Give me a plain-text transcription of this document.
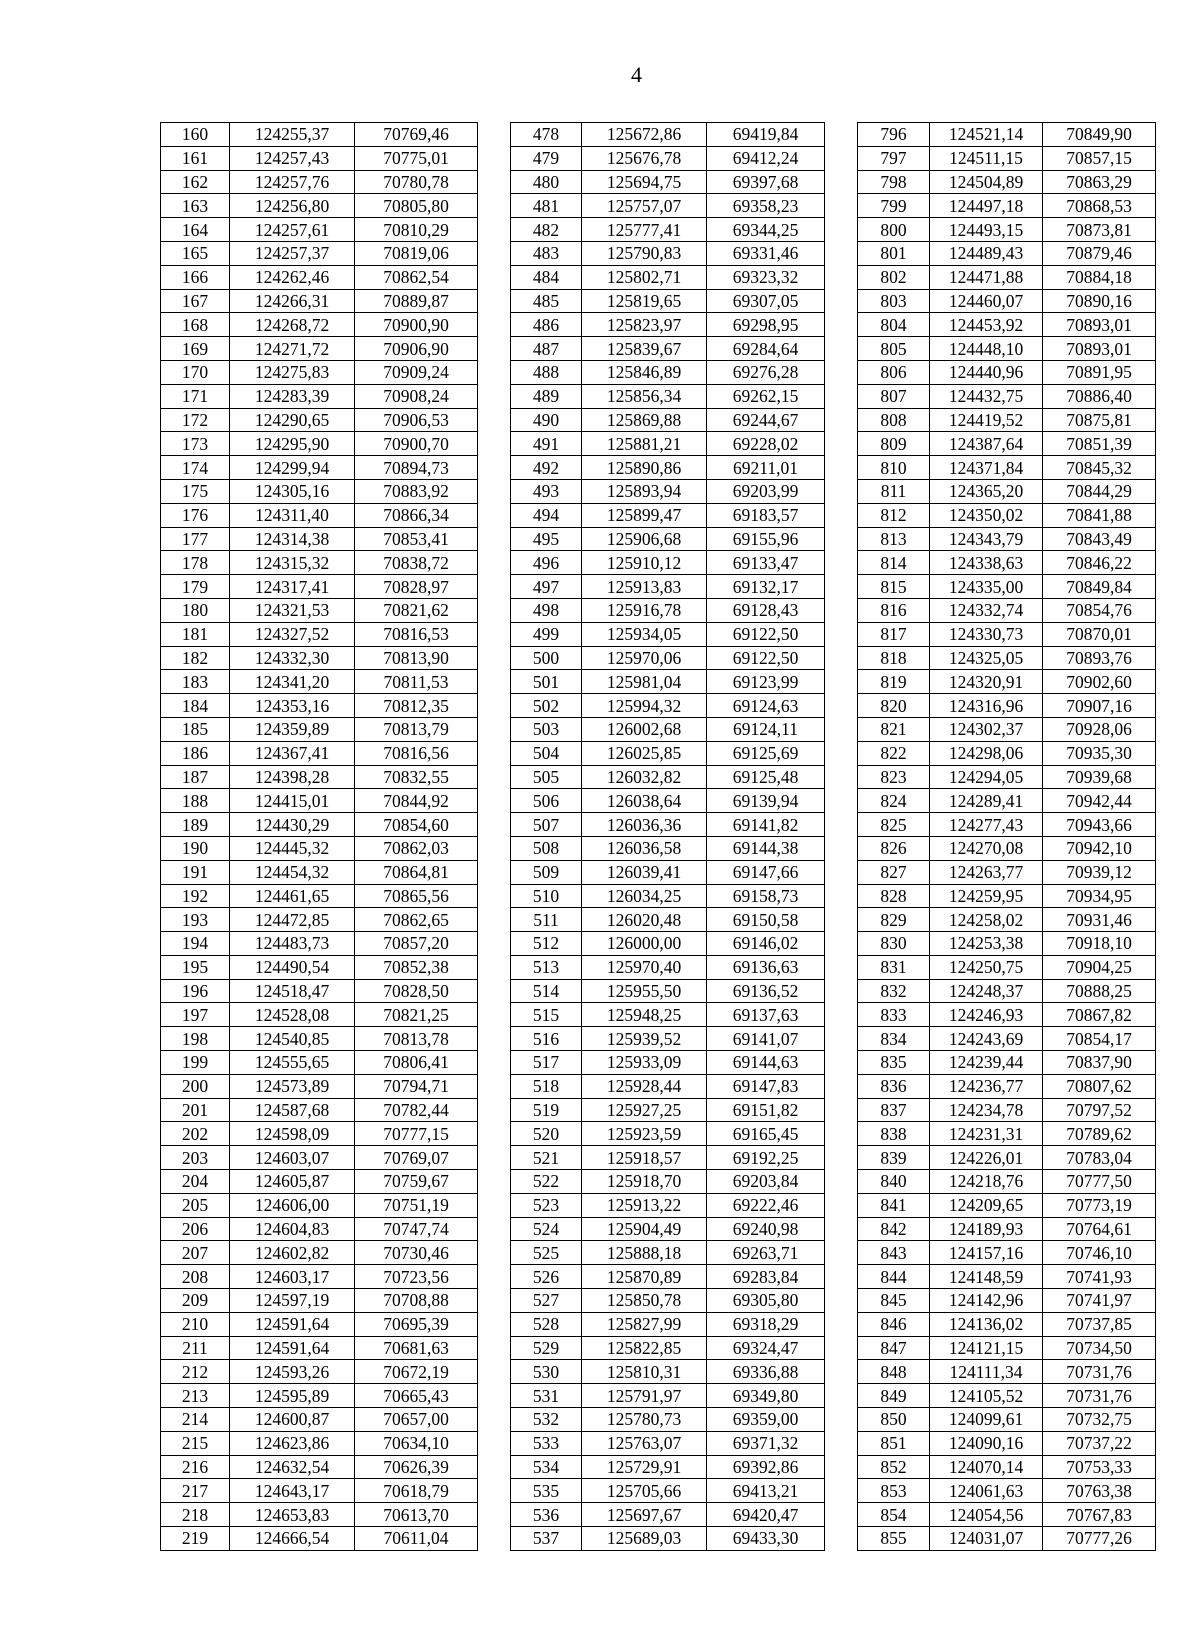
4
160	124255,37	70769,46		478	125672,86	69419,84		796	124521,14	70849,90
161	124257,43	70775,01		479	125676,78	69412,24		797	124511,15	70857,15
162	124257,76	70780,78		480	125694,75	69397,68		798	124504,89	70863,29
163	124256,80	70805,80		481	125757,07	69358,23		799	124497,18	70868,53
164	124257,61	70810,29		482	125777,41	69344,25		800	124493,15	70873,81
165	124257,37	70819,06		483	125790,83	69331,46		801	124489,43	70879,46
166	124262,46	70862,54		484	125802,71	69323,32		802	124471,88	70884,18
167	124266,31	70889,87		485	125819,65	69307,05		803	124460,07	70890,16
168	124268,72	70900,90		486	125823,97	69298,95		804	124453,92	70893,01
169	124271,72	70906,90		487	125839,67	69284,64		805	124448,10	70893,01
170	124275,83	70909,24		488	125846,89	69276,28		806	124440,96	70891,95
171	124283,39	70908,24		489	125856,34	69262,15		807	124432,75	70886,40
172	124290,65	70906,53		490	125869,88	69244,67		808	124419,52	70875,81
173	124295,90	70900,70		491	125881,21	69228,02		809	124387,64	70851,39
174	124299,94	70894,73		492	125890,86	69211,01		810	124371,84	70845,32
175	124305,16	70883,92		493	125893,94	69203,99		811	124365,20	70844,29
176	124311,40	70866,34		494	125899,47	69183,57		812	124350,02	70841,88
177	124314,38	70853,41		495	125906,68	69155,96		813	124343,79	70843,49
178	124315,32	70838,72		496	125910,12	69133,47		814	124338,63	70846,22
179	124317,41	70828,97		497	125913,83	69132,17		815	124335,00	70849,84
180	124321,53	70821,62		498	125916,78	69128,43		816	124332,74	70854,76
181	124327,52	70816,53		499	125934,05	69122,50		817	124330,73	70870,01
182	124332,30	70813,90		500	125970,06	69122,50		818	124325,05	70893,76
183	124341,20	70811,53		501	125981,04	69123,99		819	124320,91	70902,60
184	124353,16	70812,35		502	125994,32	69124,63		820	124316,96	70907,16
185	124359,89	70813,79		503	126002,68	69124,11		821	124302,37	70928,06
186	124367,41	70816,56		504	126025,85	69125,69		822	124298,06	70935,30
187	124398,28	70832,55		505	126032,82	69125,48		823	124294,05	70939,68
188	124415,01	70844,92		506	126038,64	69139,94		824	124289,41	70942,44
189	124430,29	70854,60		507	126036,36	69141,82		825	124277,43	70943,66
190	124445,32	70862,03		508	126036,58	69144,38		826	124270,08	70942,10
191	124454,32	70864,81		509	126039,41	69147,66		827	124263,77	70939,12
192	124461,65	70865,56		510	126034,25	69158,73		828	124259,95	70934,95
193	124472,85	70862,65		511	126020,48	69150,58		829	124258,02	70931,46
194	124483,73	70857,20		512	126000,00	69146,02		830	124253,38	70918,10
195	124490,54	70852,38		513	125970,40	69136,63		831	124250,75	70904,25
196	124518,47	70828,50		514	125955,50	69136,52		832	124248,37	70888,25
197	124528,08	70821,25		515	125948,25	69137,63		833	124246,93	70867,82
198	124540,85	70813,78		516	125939,52	69141,07		834	124243,69	70854,17
199	124555,65	70806,41		517	125933,09	69144,63		835	124239,44	70837,90
200	124573,89	70794,71		518	125928,44	69147,83		836	124236,77	70807,62
201	124587,68	70782,44		519	125927,25	69151,82		837	124234,78	70797,52
202	124598,09	70777,15		520	125923,59	69165,45		838	124231,31	70789,62
203	124603,07	70769,07		521	125918,57	69192,25		839	124226,01	70783,04
204	124605,87	70759,67		522	125918,70	69203,84		840	124218,76	70777,50
205	124606,00	70751,19		523	125913,22	69222,46		841	124209,65	70773,19
206	124604,83	70747,74		524	125904,49	69240,98		842	124189,93	70764,61
207	124602,82	70730,46		525	125888,18	69263,71		843	124157,16	70746,10
208	124603,17	70723,56		526	125870,89	69283,84		844	124148,59	70741,93
209	124597,19	70708,88		527	125850,78	69305,80		845	124142,96	70741,97
210	124591,64	70695,39		528	125827,99	69318,29		846	124136,02	70737,85
211	124591,64	70681,63		529	125822,85	69324,47		847	124121,15	70734,50
212	124593,26	70672,19		530	125810,31	69336,88		848	124111,34	70731,76
213	124595,89	70665,43		531	125791,97	69349,80		849	124105,52	70731,76
214	124600,87	70657,00		532	125780,73	69359,00		850	124099,61	70732,75
215	124623,86	70634,10		533	125763,07	69371,32		851	124090,16	70737,22
216	124632,54	70626,39		534	125729,91	69392,86		852	124070,14	70753,33
217	124643,17	70618,79		535	125705,66	69413,21		853	124061,63	70763,38
218	124653,83	70613,70		536	125697,67	69420,47		854	124054,56	70767,83
219	124666,54	70611,04		537	125689,03	69433,30		855	124031,07	70777,26
